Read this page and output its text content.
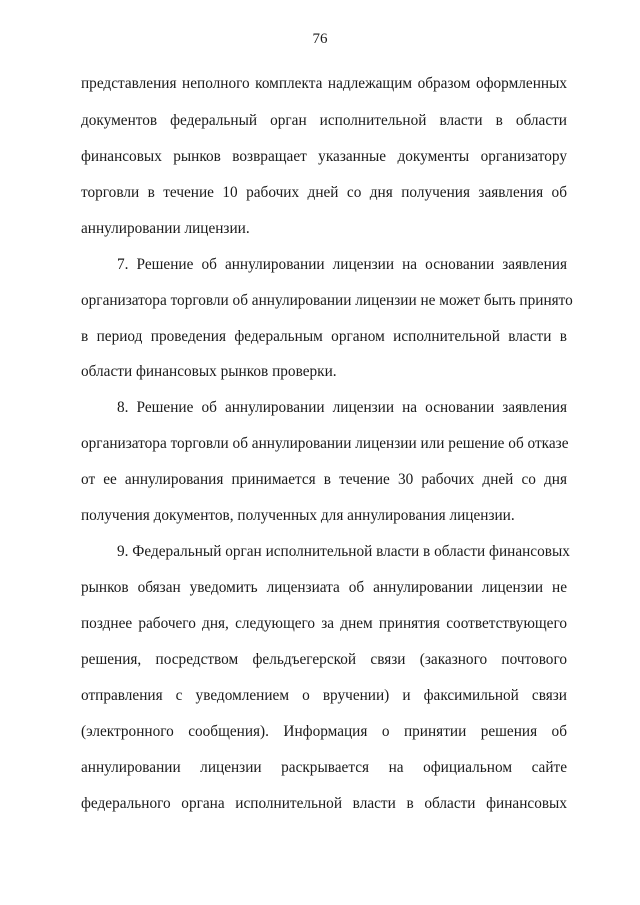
76
представления неполного комплекта надлежащим образом оформленных
документов федеральный орган исполнительной власти в области
финансовых рынков возвращает указанные документы организатору
торговли в течение 10 рабочих дней со дня получения заявления об
аннулировании лицензии.
7. Решение об аннулировании лицензии на основании заявления
организатора торговли об аннулировании лицензии не может быть принято
в период проведения федеральным органом исполнительной власти в
области финансовых рынков проверки.
8. Решение об аннулировании лицензии на основании заявления
организатора торговли об аннулировании лицензии или решение об отказе
от ее аннулирования принимается в течение 30 рабочих дней со дня
получения документов, полученных для аннулирования лицензии.
9. Федеральный орган исполнительной власти в области финансовых
рынков обязан уведомить лицензиата об аннулировании лицензии не
позднее рабочего дня, следующего за днем принятия соответствующего
решения, посредством фельдъегерской связи (заказного почтового
отправления с уведомлением о вручении) и факсимильной связи
(электронного сообщения). Информация о принятии решения об
аннулировании лицензии раскрывается на официальном сайте
федерального органа исполнительной власти в области финансовых
